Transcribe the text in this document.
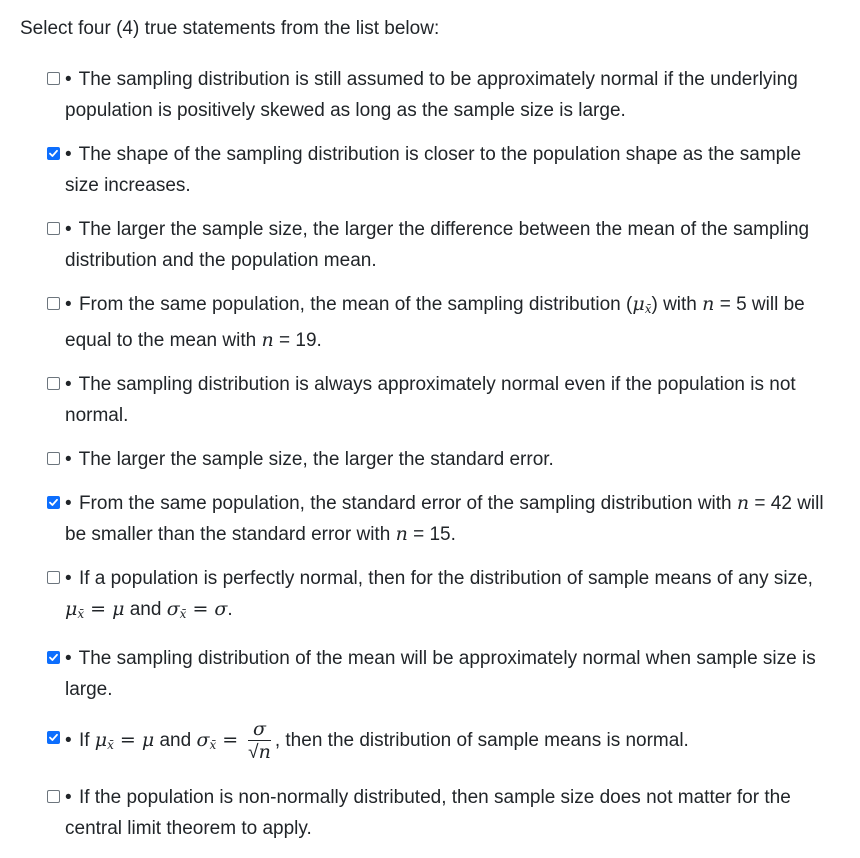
Select four (4) true statements from the list below:
• The sampling distribution is still assumed to be approximately normal if the underlying population is positively skewed as long as the sample size is large.
• The shape of the sampling distribution is closer to the population shape as the sample size increases.
• The larger the sample size, the larger the difference between the mean of the sampling distribution and the population mean.
• From the same population, the mean of the sampling distribution $(\mu_{x̄})$ with n = 5 will be equal to the mean with n = 19.
• The sampling distribution is always approximately normal even if the population is not normal.
• The larger the sample size, the larger the standard error.
• From the same population, the standard error of the sampling distribution with n = 42 will be smaller than the standard error with n = 15.
• If a population is perfectly normal, then for the distribution of sample means of any size, $\mu_{x̄} = \mu$ and $\sigma_{x̄} = \sigma$.
• The sampling distribution of the mean will be approximately normal when sample size is large.
• If $\mu_{x̄} = \mu$ and $\sigma_{x̄} = \frac{\sigma}{√n}$ , then the distribution of sample means is normal.
• If the population is non-normally distributed, then sample size does not matter for the central limit theorem to apply.
